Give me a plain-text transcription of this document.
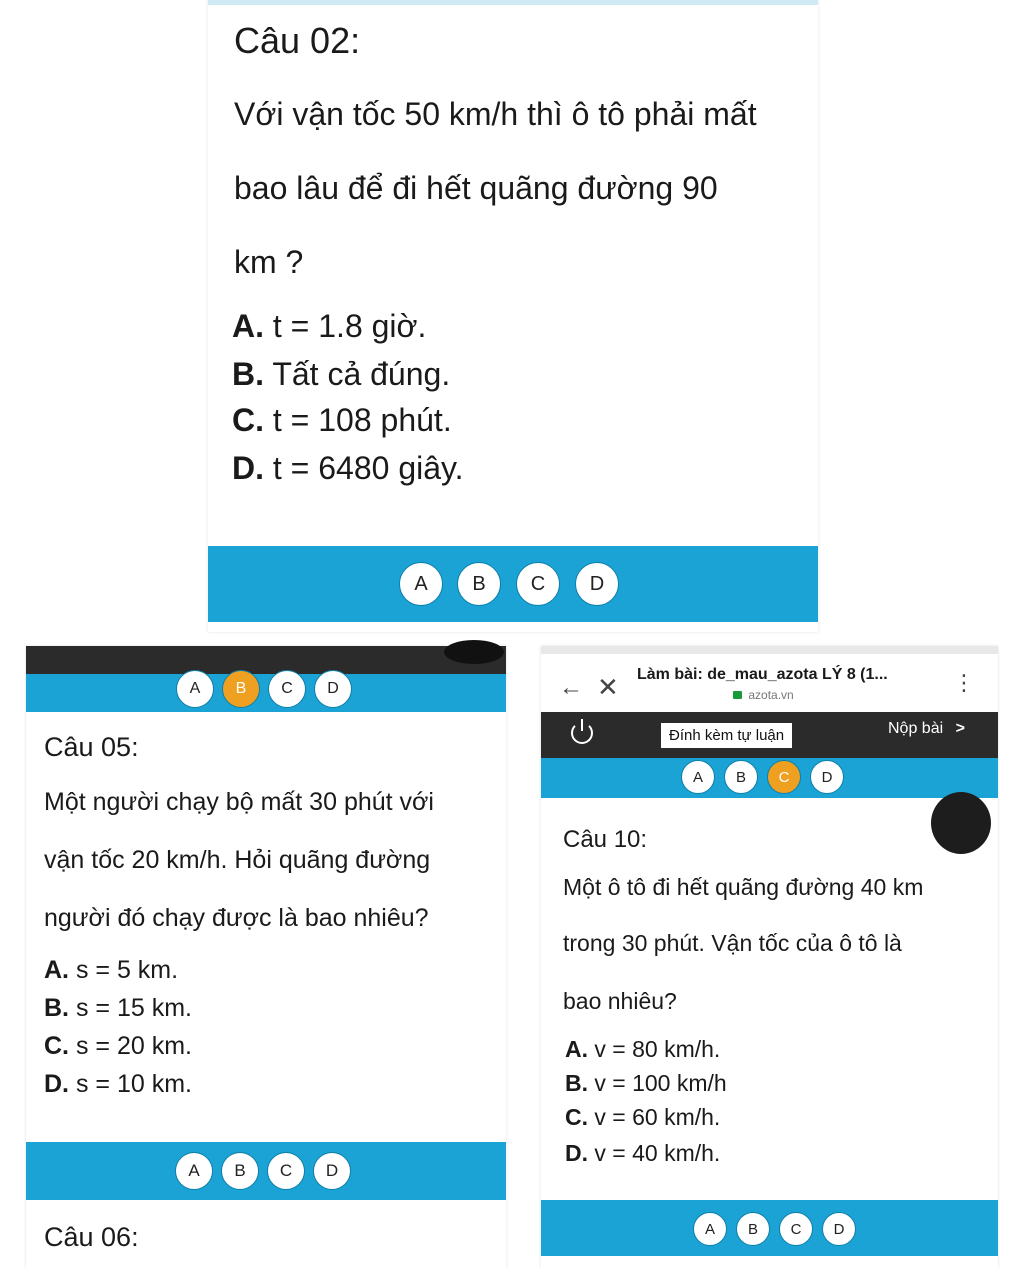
Câu 02:
Với vận tốc 50 km/h thì ô tô phải mất
bao lâu để đi hết quãng đường 90
km ?
A. t = 1.8 giờ.
B. Tất cả đúng.
C. t = 108 phút.
D. t = 6480 giây.
A	B	C	D
A	B	C	D
Câu 05:
Một người chạy bộ mất 30 phút với
vận tốc 20 km/h. Hỏi quãng đường
người đó chạy được là bao nhiêu?
A. s = 5 km.
B. s = 15 km.
C. s = 20 km.
D. s = 10 km.
A	B	C	D
Câu 06:
← ✕ Làm bài: de_mau_azota LÝ 8 (1...
azota.vn	⋮
Đính kèm tự luận	Nộp bài >
A	B	C	D
Câu 10:
Một ô tô đi hết quãng đường 40 km
trong 30 phút. Vận tốc của ô tô là
bao nhiêu?
A. v = 80 km/h.
B. v = 100 km/h
C. v = 60 km/h.
D. v = 40 km/h.
A	B	C	D
